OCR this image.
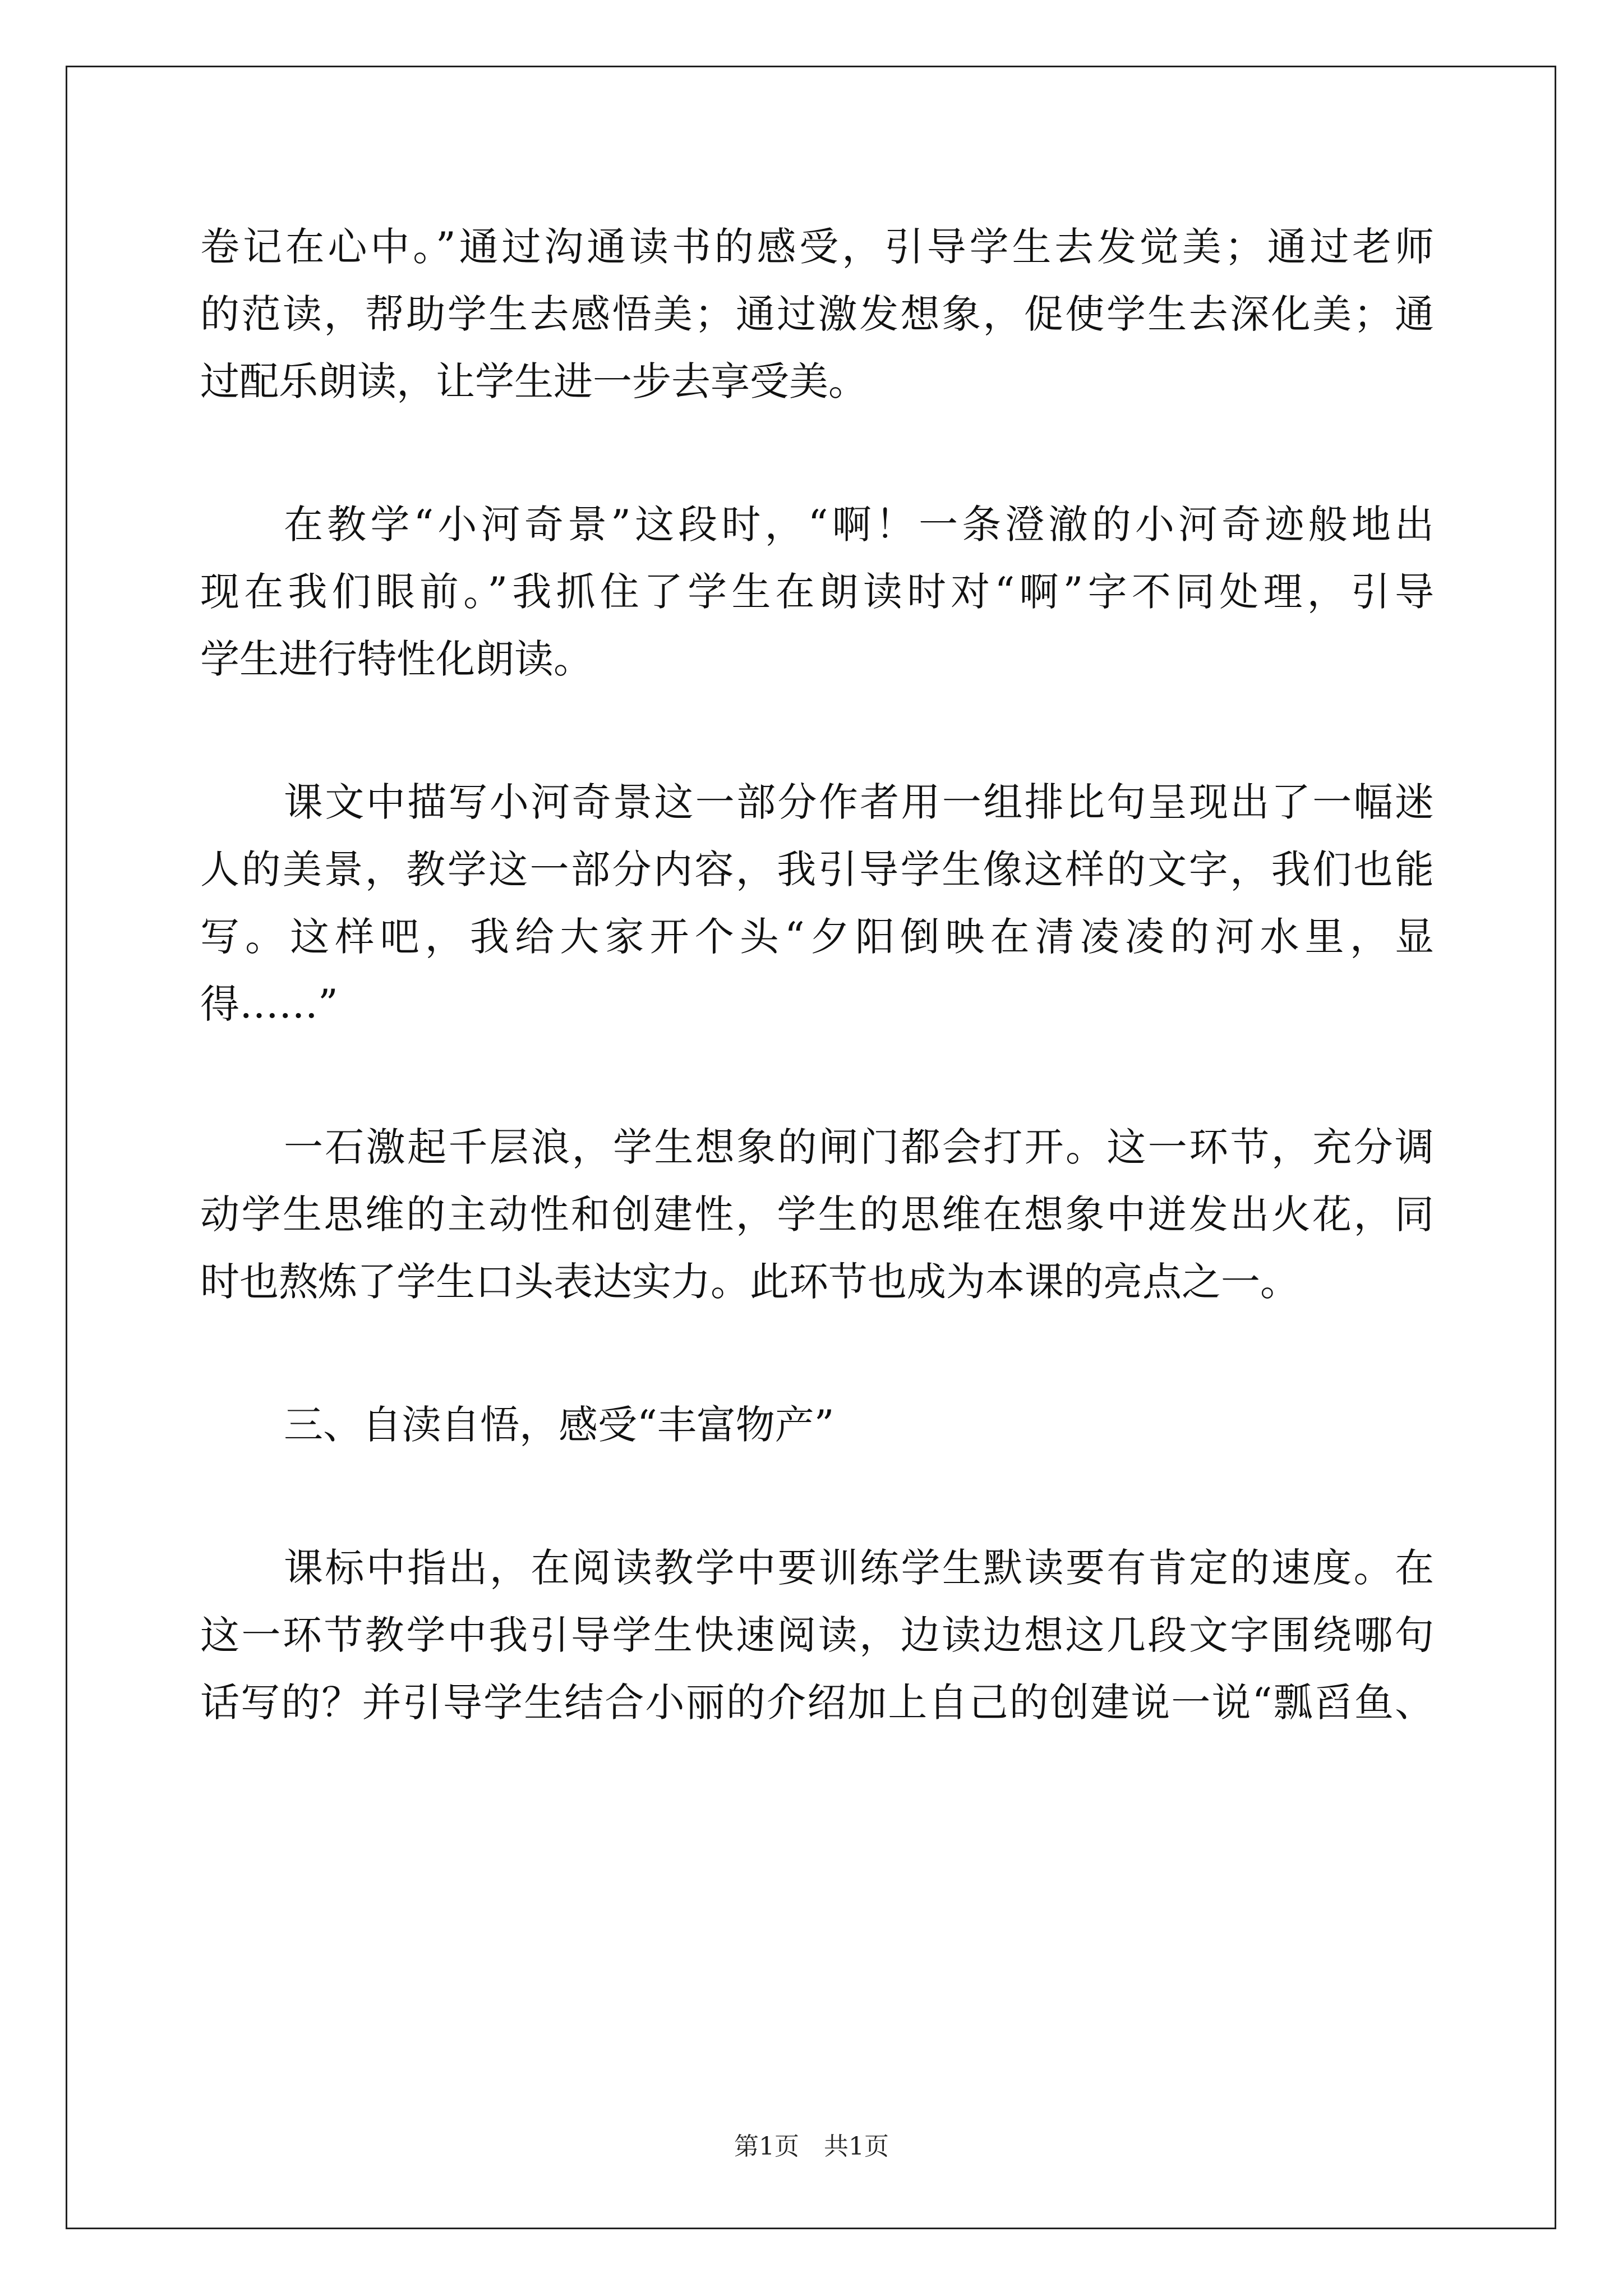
卷记在心中。”通过沟通读书的感受，引导学生去发觉美；通过老师
的范读，帮助学生去感悟美；通过激发想象，促使学生去深化美；通
过配乐朗读，让学生进一步去享受美。
在教学“小河奇景”这段时，“啊！一条澄澈的小河奇迹般地出
现在我们眼前。”我抓住了学生在朗读时对“啊”字不同处理，引导
学生进行特性化朗读。
课文中描写小河奇景这一部分作者用一组排比句呈现出了一幅迷
人的美景，教学这一部分内容，我引导学生像这样的文字，我们也能
写。这样吧，我给大家开个头“夕阳倒映在清凌凌的河水里，显
得……”
一石激起千层浪，学生想象的闸门都会打开。这一环节，充分调
动学生思维的主动性和创建性，学生的思维在想象中迸发出火花，同
时也熬炼了学生口头表达实力。此环节也成为本课的亮点之一。
三、自渎自悟，感受“丰富物产”
课标中指出，在阅读教学中要训练学生默读要有肯定的速度。在
这一环节教学中我引导学生快速阅读，边读边想这几段文字围绕哪句
话写的？并引导学生结合小丽的介绍加上自己的创建说一说“瓢舀鱼、
第1页　共1页
